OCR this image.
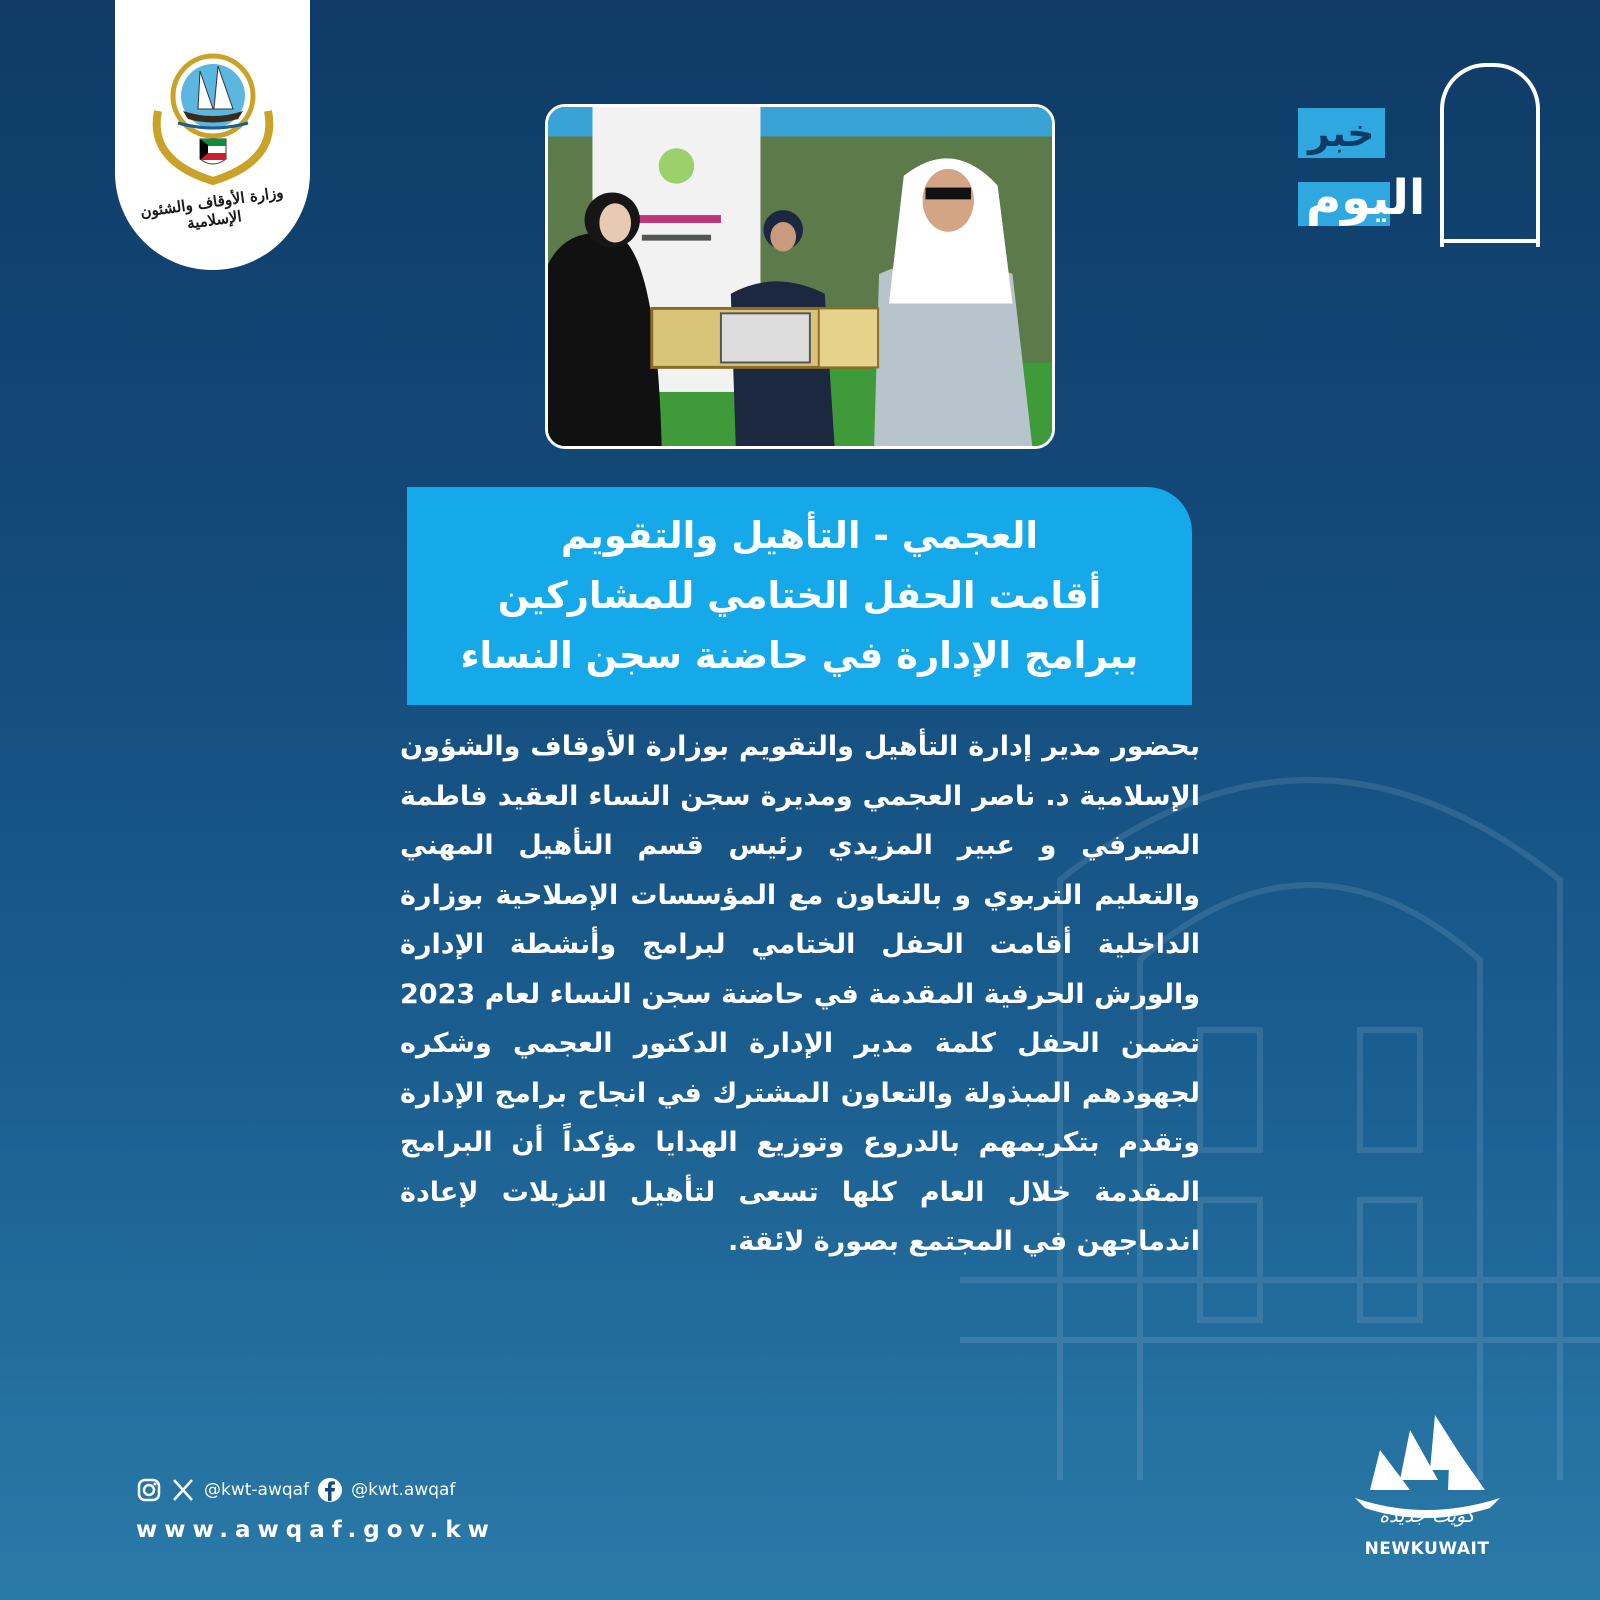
وزارة الأوقاف والشئون الإسلامية
خبر
اليوم
العجمي - التأهيل والتقويم
أقامت الحفل الختامي للمشاركين
ببرامج الإدارة في حاضنة سجن النساء
بحضور مدير إدارة التأهيل والتقويم بوزارة الأوقاف والشؤون الإسلامية د. ناصر العجمي ومديرة سجن النساء العقيد فاطمة الصيرفي و عبير المزيدي رئيس قسم التأهيل المهني والتعليم التربوي و بالتعاون مع المؤسسات الإصلاحية بوزارة الداخلية أقامت الحفل الختامي لبرامج وأنشطة الإدارة والورش الحرفية المقدمة في حاضنة سجن النساء لعام 2023 تضمن الحفل كلمة مدير الإدارة الدكتور العجمي وشكره لجهودهم المبذولة والتعاون المشترك في انجاح برامج الإدارة وتقدم بتكريمهم بالدروع وتوزيع الهدايا مؤكداً أن البرامج المقدمة خلال العام كلها تسعى لتأهيل النزيلات لإعادة اندماجهن في المجتمع بصورة لائقة.
@kwt-awqaf @kwt.awqaf
www.awqaf.gov.kw
كويت جديدة
NEWKUWAIT
